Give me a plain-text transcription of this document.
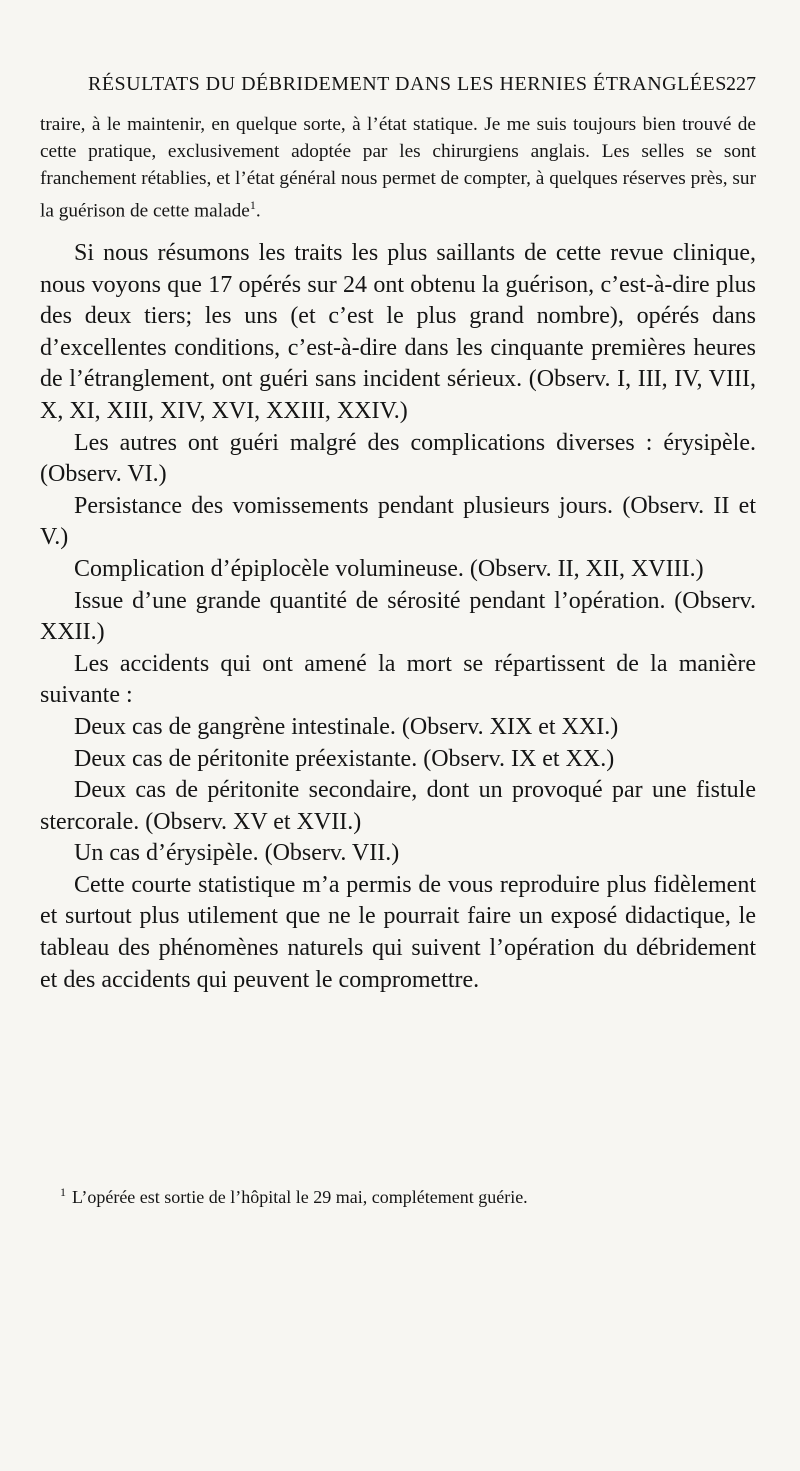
RÉSULTATS DU DÉBRIDEMENT DANS LES HERNIES ÉTRANGLÉES.
227
traire, à le maintenir, en quelque sorte, à l’état statique. Je me suis toujours bien trouvé de cette pratique, exclusivement adoptée par les chirurgiens anglais. Les selles se sont franchement rétablies, et l’état général nous permet de compter, à quelques réserves près, sur la guérison de cette malade$^1$.

Si nous résumons les traits les plus saillants de cette revue clinique, nous voyons que 17 opérés sur 24 ont obtenu la guérison, c’est-à-dire plus des deux tiers; les uns (et c’est le plus grand nombre), opérés dans d’excellentes conditions, c’est-à-dire dans les cinquante premières heures de l’étranglement, ont guéri sans incident sérieux. (Observ. I, III, IV, VIII, X, XI, XIII, XIV, XVI, XXIII, XXIV.)

Les autres ont guéri malgré des complications diverses : érysipèle. (Observ. VI.)

Persistance des vomissements pendant plusieurs jours. (Observ. II et V.)

Complication d’épiplocèle volumineuse. (Observ. II, XII, XVIII.)

Issue d’une grande quantité de sérosité pendant l’opération. (Observ. XXII.)

Les accidents qui ont amené la mort se répartissent de la manière suivante :

Deux cas de gangrène intestinale. (Observ. XIX et XXI.)

Deux cas de péritonite préexistante. (Observ. IX et XX.)

Deux cas de péritonite secondaire, dont un provoqué par une fistule stercorale. (Observ. XV et XVII.)

Un cas d’érysipèle. (Observ. VII.)

Cette courte statistique m’a permis de vous reproduire plus fidèlement et surtout plus utilement que ne le pourrait faire un exposé didactique, le tableau des phénomènes naturels qui suivent l’opération du débridement et des accidents qui peuvent le compromettre.

$^1$ L’opérée est sortie de l’hôpital le 29 mai, complétement guérie.
